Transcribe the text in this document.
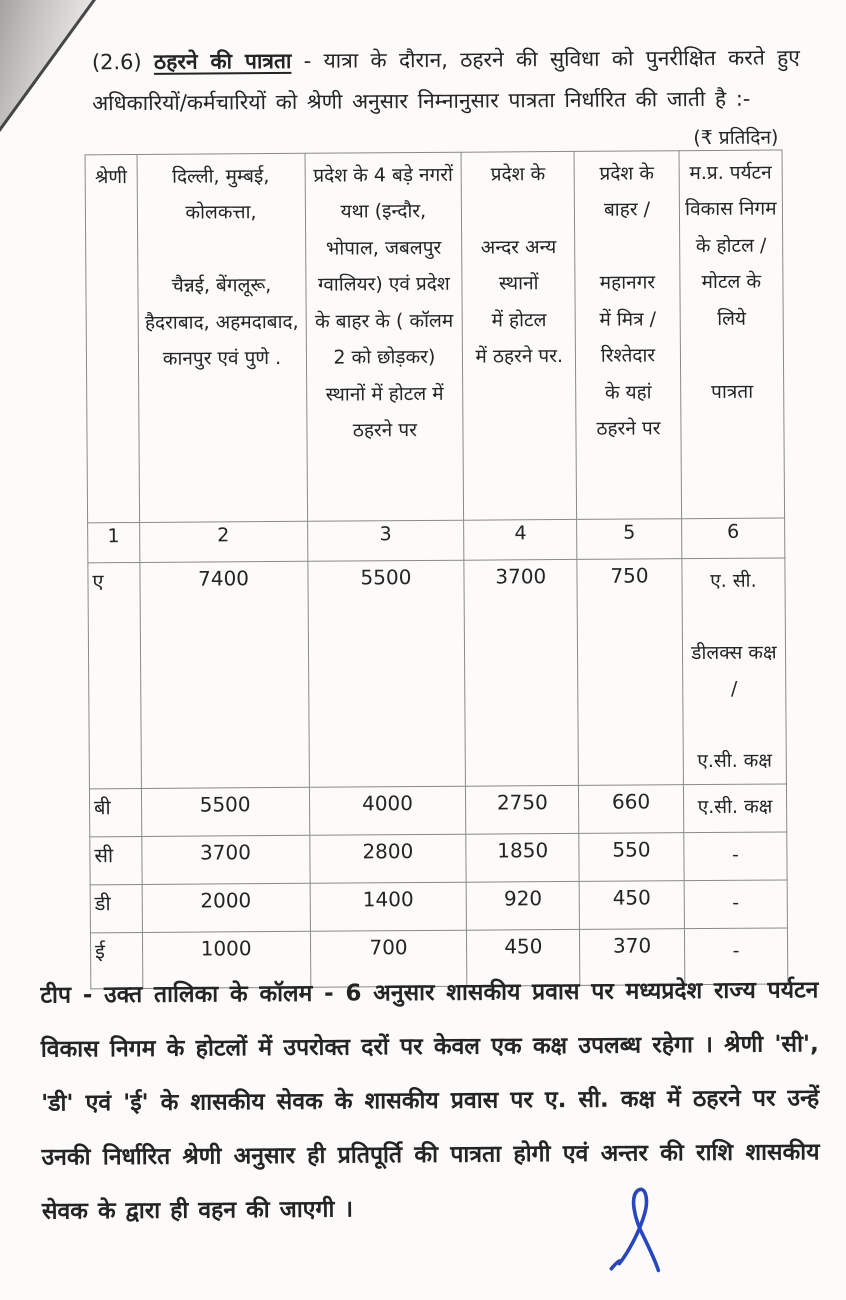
(2.6) ठहरने की पात्रता - यात्रा के दौरान, ठहरने की सुविधा को पुनरीक्षित करते हुए अधिकारियों/कर्मचारियों को श्रेणी अनुसार निम्नानुसार पात्रता निर्धारित की जाती है :-

(₹ प्रतिदिन)
श्रेणी	दिल्ली, मुम्बई,
कोलकत्ता,

चैन्नई, बेंगलूरू,
हैदराबाद, अहमदाबाद,
कानपुर एवं पुणे .	प्रदेश के 4 बड़े नगरों
यथा (इन्दौर,
भोपाल, जबलपुर
ग्वालियर) एवं प्रदेश
के बाहर के ( कॉलम
2 को छोड़कर)
स्थानों में होटल में
ठहरने पर	प्रदेश के

अन्दर अन्य
स्थानों
में होटल
में ठहरने पर.	प्रदेश के
बाहर /

महानगर
में मित्र /
रिश्तेदार
के यहां
ठहरने पर	म.प्र. पर्यटन
विकास निगम
के होटल /
मोटल के लिये

पात्रता
1	2	3	4	5	6
ए	7400	5500	3700	750	ए. सी.

डीलक्स कक्ष /

ए.सी. कक्ष
बी	5500	4000	2750	660	ए.सी. कक्ष
सी	3700	2800	1850	550	-
डी	2000	1400	920	450	-
ई	1000	700	450	370	-

टीप - उक्त तालिका के कॉलम - 6 अनुसार शासकीय प्रवास पर मध्यप्रदेश राज्य पर्यटन विकास निगम के होटलों में उपरोक्त दरों पर केवल एक कक्ष उपलब्ध रहेगा । श्रेणी 'सी', 'डी' एवं 'ई' के शासकीय सेवक के शासकीय प्रवास पर ए. सी. कक्ष में ठहरने पर उन्हें उनकी निर्धारित श्रेणी अनुसार ही प्रतिपूर्ति की पात्रता होगी एवं अन्तर की राशि शासकीय सेवक के द्वारा ही वहन की जाएगी ।
